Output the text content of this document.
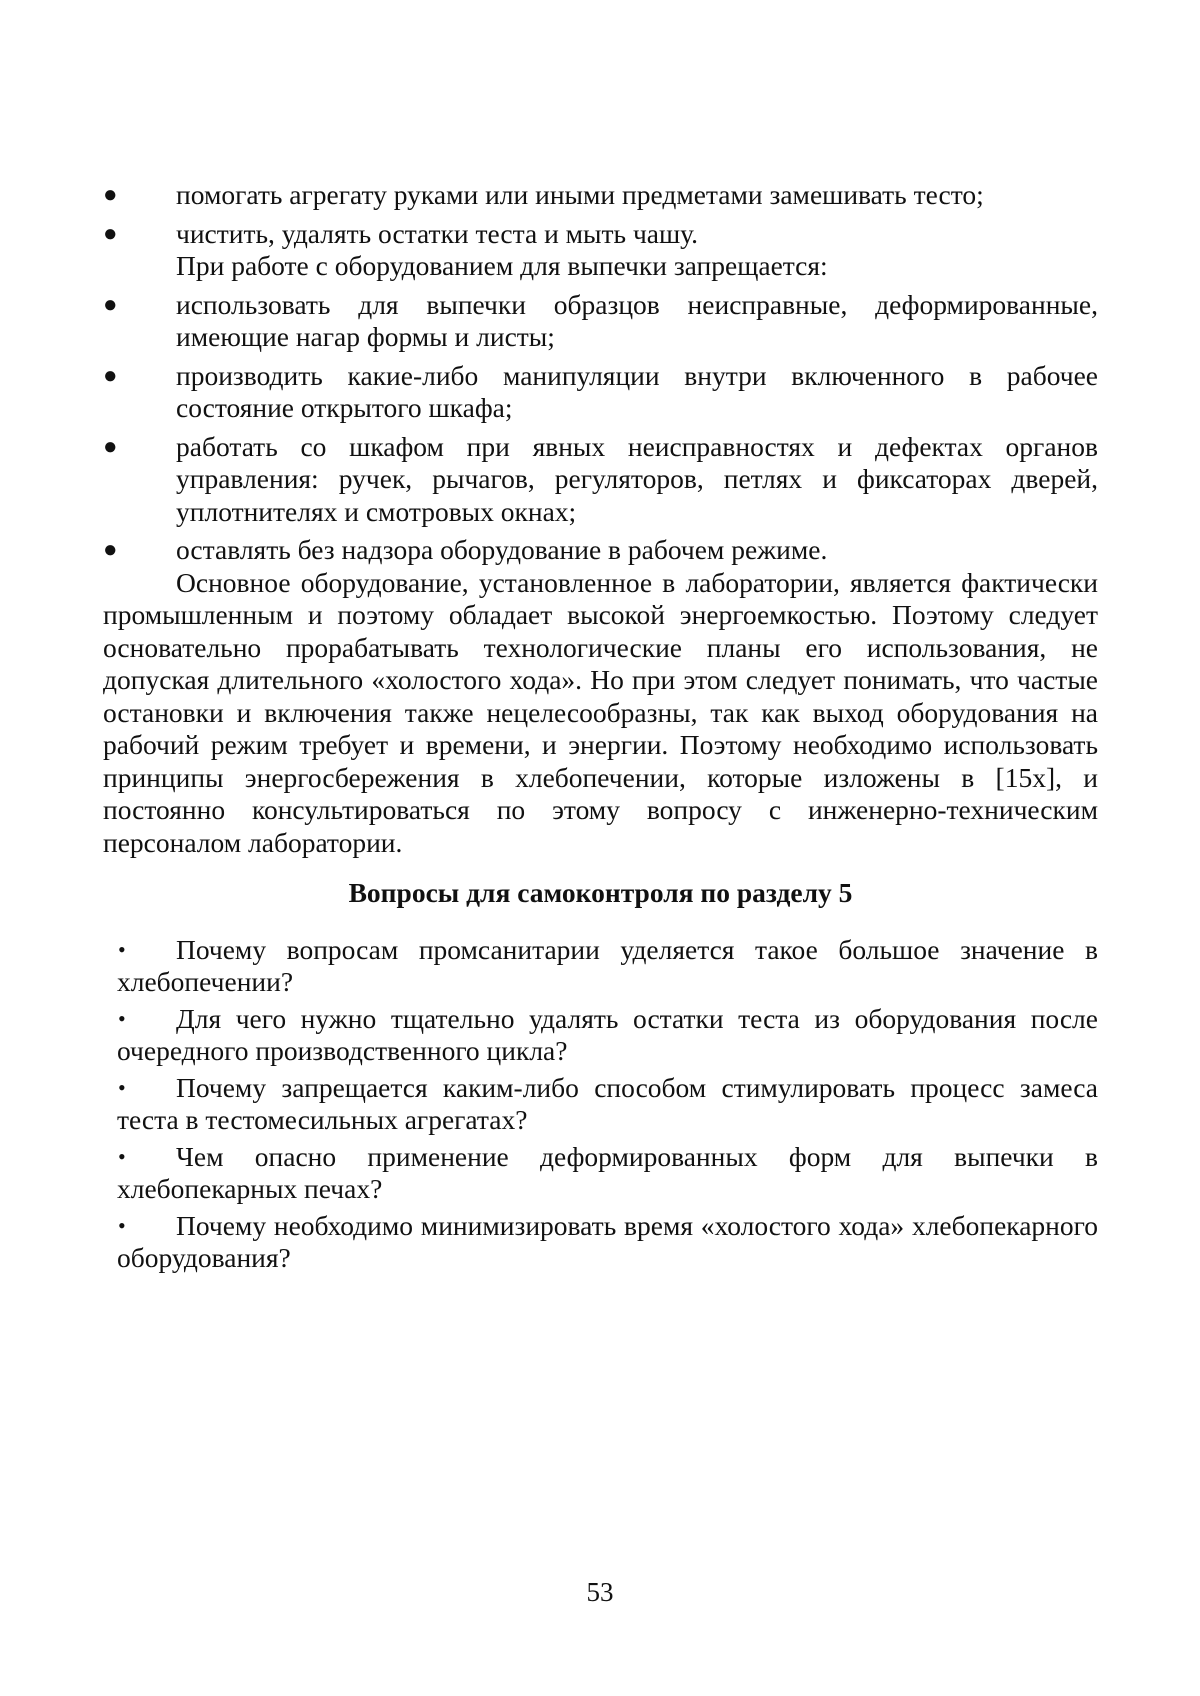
● помогать агрегату руками или иными предметами замешивать тесто;
● чистить, удалять остатки теста и мыть чашу.
При работе с оборудованием для выпечки запрещается:
● использовать для выпечки образцов неисправные, деформированные, имеющие нагар формы и листы;
● производить какие-либо манипуляции внутри включенного в рабочее состояние открытого шкафа;
● работать со шкафом при явных неисправностях и дефектах органов управления: ручек, рычагов, регуляторов, петлях и фиксаторах дверей, уплотнителях и смотровых окнах;
● оставлять без надзора оборудование в рабочем режиме.

Основное оборудование, установленное в лаборатории, является фактически промышленным и поэтому обладает высокой энергоемкостью. Поэтому следует основательно прорабатывать технологические планы его использования, не допуская длительного «холостого хода». Но при этом следует понимать, что частые остановки и включения также нецелесообразны, так как выход оборудования на рабочий режим требует и времени, и энергии. Поэтому необходимо использовать принципы энергосбережения в хлебопечении, которые изложены в [15х], и постоянно консультироваться по этому вопросу с инженерно-техническим персоналом лаборатории.

Вопросы для самоконтроля по разделу 5
• Почему вопросам промсанитарии уделяется такое большое значение в хлебопечении?
• Для чего нужно тщательно удалять остатки теста из оборудования после очередного производственного цикла?
• Почему запрещается каким-либо способом стимулировать процесс замеса теста в тестомесильных агрегатах?
• Чем опасно применение деформированных форм для выпечки в хлебопекарных печах?
• Почему необходимо минимизировать время «холостого хода» хлебопекарного оборудования?
53
